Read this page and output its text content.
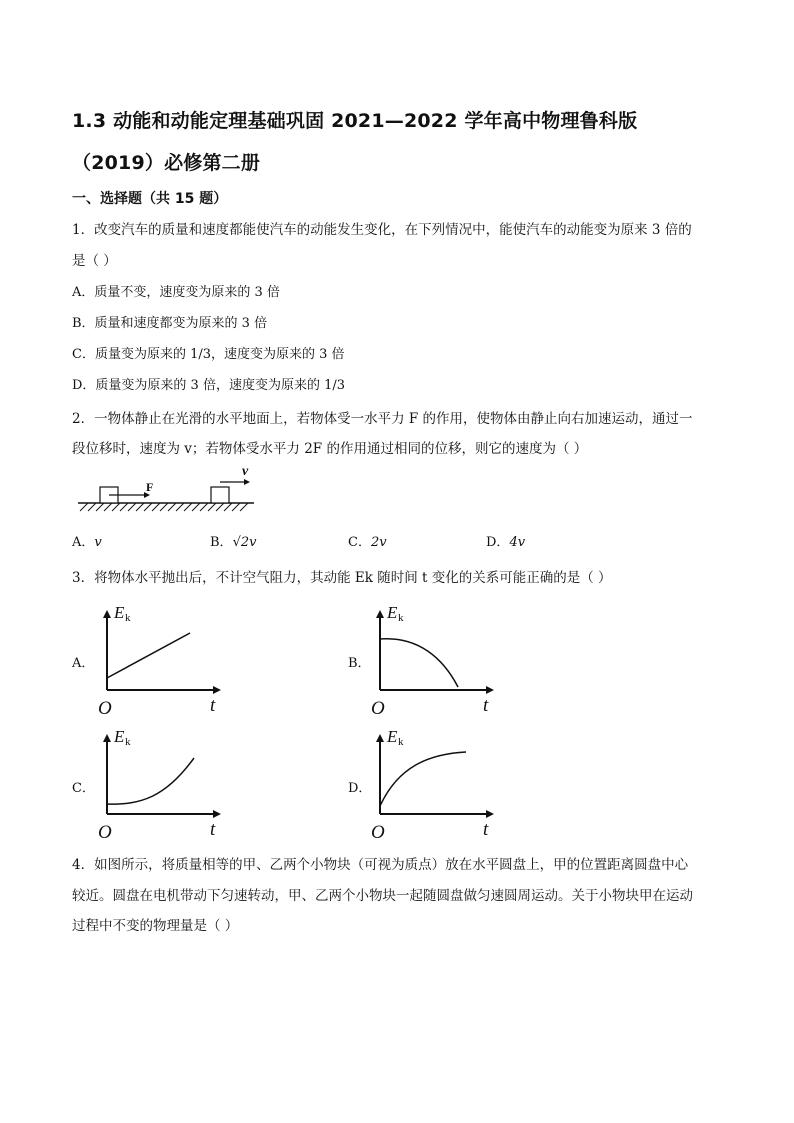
1.3 动能和动能定理基础巩固 2021—2022 学年高中物理鲁科版
（2019）必修第二册
一、选择题（共 15 题）
1．改变汽车的质量和速度都能使汽车的动能发生变化，在下列情况中，能使汽车的动能变为原来 3 倍的
是（ ）
A．质量不变，速度变为原来的 3 倍
B．质量和速度都变为原来的 3 倍
C．质量变为原来的 1/3，速度变为原来的 3 倍
D．质量变为原来的 3 倍，速度变为原来的 1/3
2．一物体静止在光滑的水平地面上，若物体受一水平力 F 的作用，使物体由静止向右加速运动，通过一
段位移时，速度为 v；若物体受水平力 2F 的作用通过相同的位移，则它的速度为（ ）
F
v
A．v	B．√2v	C．2v	D．4v
3．将物体水平抛出后，不计空气阻力，其动能 Ek 随时间 t 变化的关系可能正确的是（ ）
A．
E k
O	t
B．
E k
O	t
C．
E k
O	t
D．
E k
O	t
4．如图所示，将质量相等的甲、乙两个小物块（可视为质点）放在水平圆盘上，甲的位置距离圆盘中心
较近。圆盘在电机带动下匀速转动，甲、乙两个小物块一起随圆盘做匀速圆周运动。关于小物块甲在运动
过程中不变的物理量是（ ）
